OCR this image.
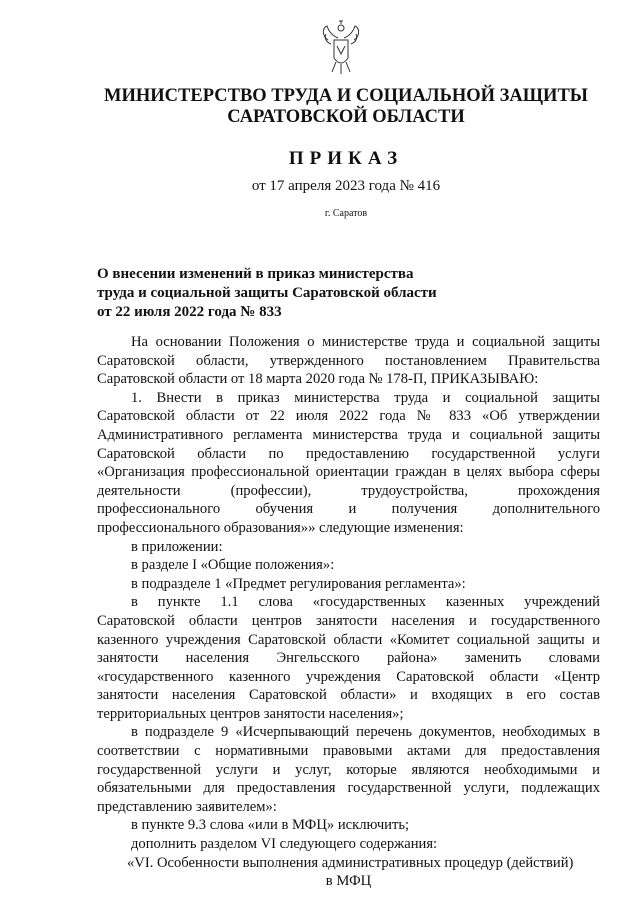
МИНИСТЕРСТВО ТРУДА И СОЦИАЛЬНОЙ ЗАЩИТЫ
САРАТОВСКОЙ ОБЛАСТИ
ПРИКАЗ
от 17 апреля 2023 года № 416
г. Саратов
О внесении изменений в приказ министерства
труда и социальной защиты Саратовской области
от 22 июля 2022 года № 833

На основании Положения о министерстве труда и социальной защиты

Саратовской области, утвержденного постановлением Правительства

Саратовской области от 18 марта 2020 года № 178-П, ПРИКАЗЫВАЮ:

1. Внести в приказ министерства труда и социальной защиты

Саратовской области от 22 июля 2022 года № 833 «Об утверждении

Административного регламента министерства труда и социальной защиты

Саратовской области по предоставлению государственной услуги

«Организация профессиональной ориентации граждан в целях выбора сферы

деятельности (профессии), трудоустройства, прохождения

профессионального обучения и получения дополнительного

профессионального образования»» следующие изменения:

в приложении:

в разделе I «Общие положения»:

в подразделе 1 «Предмет регулирования регламента»:

в пункте 1.1 слова «государственных казенных учреждений

Саратовской области центров занятости населения и государственного

казенного учреждения Саратовской области «Комитет социальной защиты и

занятости населения Энгельсского района» заменить словами

«государственного казенного учреждения Саратовской области «Центр

занятости населения Саратовской области» и входящих в его состав

территориальных центров занятости населения»;

в подразделе 9 «Исчерпывающий перечень документов, необходимых в

соответствии с нормативными правовыми актами для предоставления

государственной услуги и услуг, которые являются необходимыми и

обязательными для предоставления государственной услуги, подлежащих

представлению заявителем»:

в пункте 9.3 слова «или в МФЦ» исключить;

дополнить разделом VI следующего содержания:

«VI. Особенности выполнения административных процедур (действий)

в МФЦ
